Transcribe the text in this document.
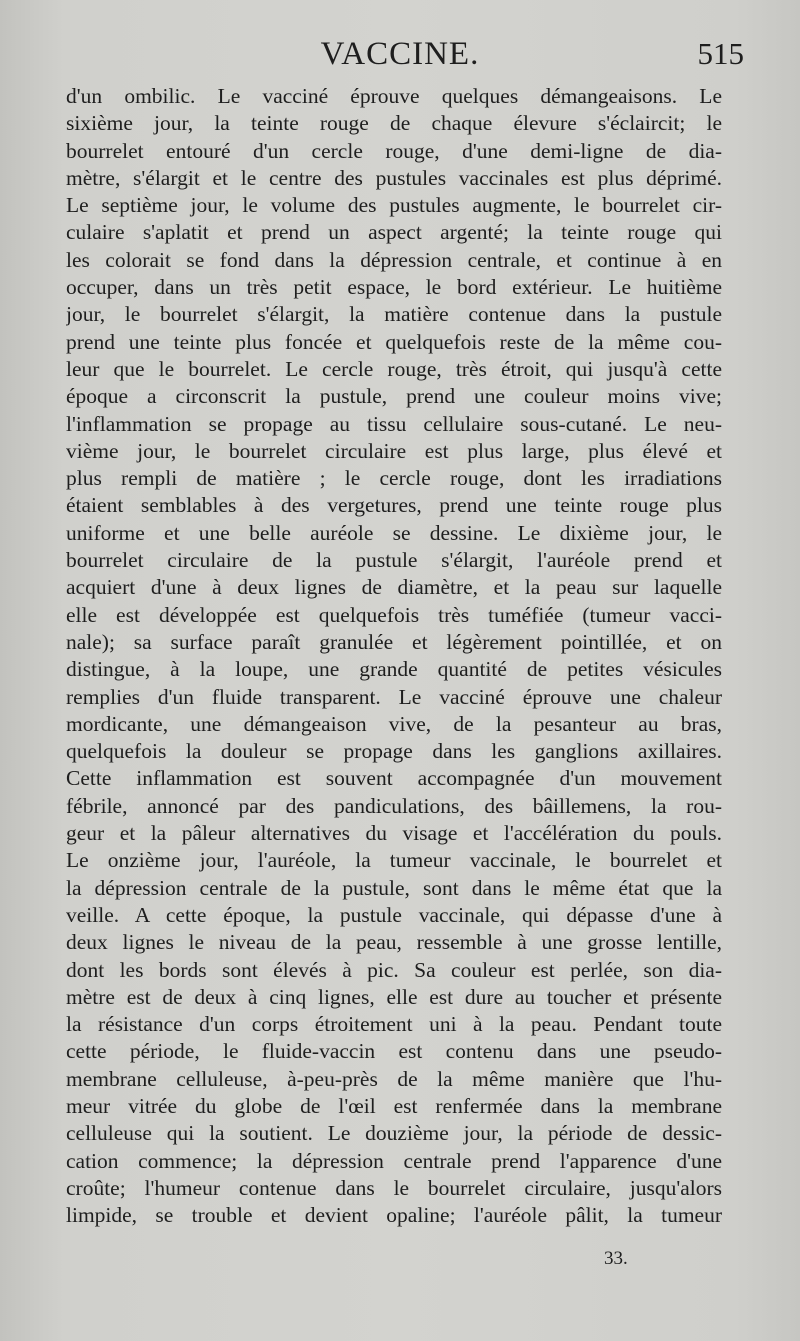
VACCINE.	515
d'un ombilic. Le vacciné éprouve quelques démangeaisons. Le
sixième jour, la teinte rouge de chaque élevure s'éclaircit; le
bourrelet entouré d'un cercle rouge, d'une demi-ligne de dia-
mètre, s'élargit et le centre des pustules vaccinales est plus déprimé.
Le septième jour, le volume des pustules augmente, le bourrelet cir-
culaire s'aplatit et prend un aspect argenté; la teinte rouge qui
les colorait se fond dans la dépression centrale, et continue à en
occuper, dans un très petit espace, le bord extérieur. Le huitième
jour, le bourrelet s'élargit, la matière contenue dans la pustule
prend une teinte plus foncée et quelquefois reste de la même cou-
leur que le bourrelet. Le cercle rouge, très étroit, qui jusqu'à cette
époque a circonscrit la pustule, prend une couleur moins vive;
l'inflammation se propage au tissu cellulaire sous-cutané. Le neu-
vième jour, le bourrelet circulaire est plus large, plus élevé et
plus rempli de matière ; le cercle rouge, dont les irradiations
étaient semblables à des vergetures, prend une teinte rouge plus
uniforme et une belle auréole se dessine. Le dixième jour, le
bourrelet circulaire de la pustule s'élargit, l'auréole prend et
acquiert d'une à deux lignes de diamètre, et la peau sur laquelle
elle est développée est quelquefois très tuméfiée (tumeur vacci-
nale); sa surface paraît granulée et légèrement pointillée, et on
distingue, à la loupe, une grande quantité de petites vésicules
remplies d'un fluide transparent. Le vacciné éprouve une chaleur
mordicante, une démangeaison vive, de la pesanteur au bras,
quelquefois la douleur se propage dans les ganglions axillaires.
Cette inflammation est souvent accompagnée d'un mouvement
fébrile, annoncé par des pandiculations, des bâillemens, la rou-
geur et la pâleur alternatives du visage et l'accélération du pouls.
Le onzième jour, l'auréole, la tumeur vaccinale, le bourrelet et
la dépression centrale de la pustule, sont dans le même état que la
veille. A cette époque, la pustule vaccinale, qui dépasse d'une à
deux lignes le niveau de la peau, ressemble à une grosse lentille,
dont les bords sont élevés à pic. Sa couleur est perlée, son dia-
mètre est de deux à cinq lignes, elle est dure au toucher et présente
la résistance d'un corps étroitement uni à la peau. Pendant toute
cette période, le fluide-vaccin est contenu dans une pseudo-
membrane celluleuse, à-peu-près de la même manière que l'hu-
meur vitrée du globe de l'œil est renfermée dans la membrane
celluleuse qui la soutient. Le douzième jour, la période de dessic-
cation commence; la dépression centrale prend l'apparence d'une
croûte; l'humeur contenue dans le bourrelet circulaire, jusqu'alors
limpide, se trouble et devient opaline; l'auréole pâlit, la tumeur
33.
